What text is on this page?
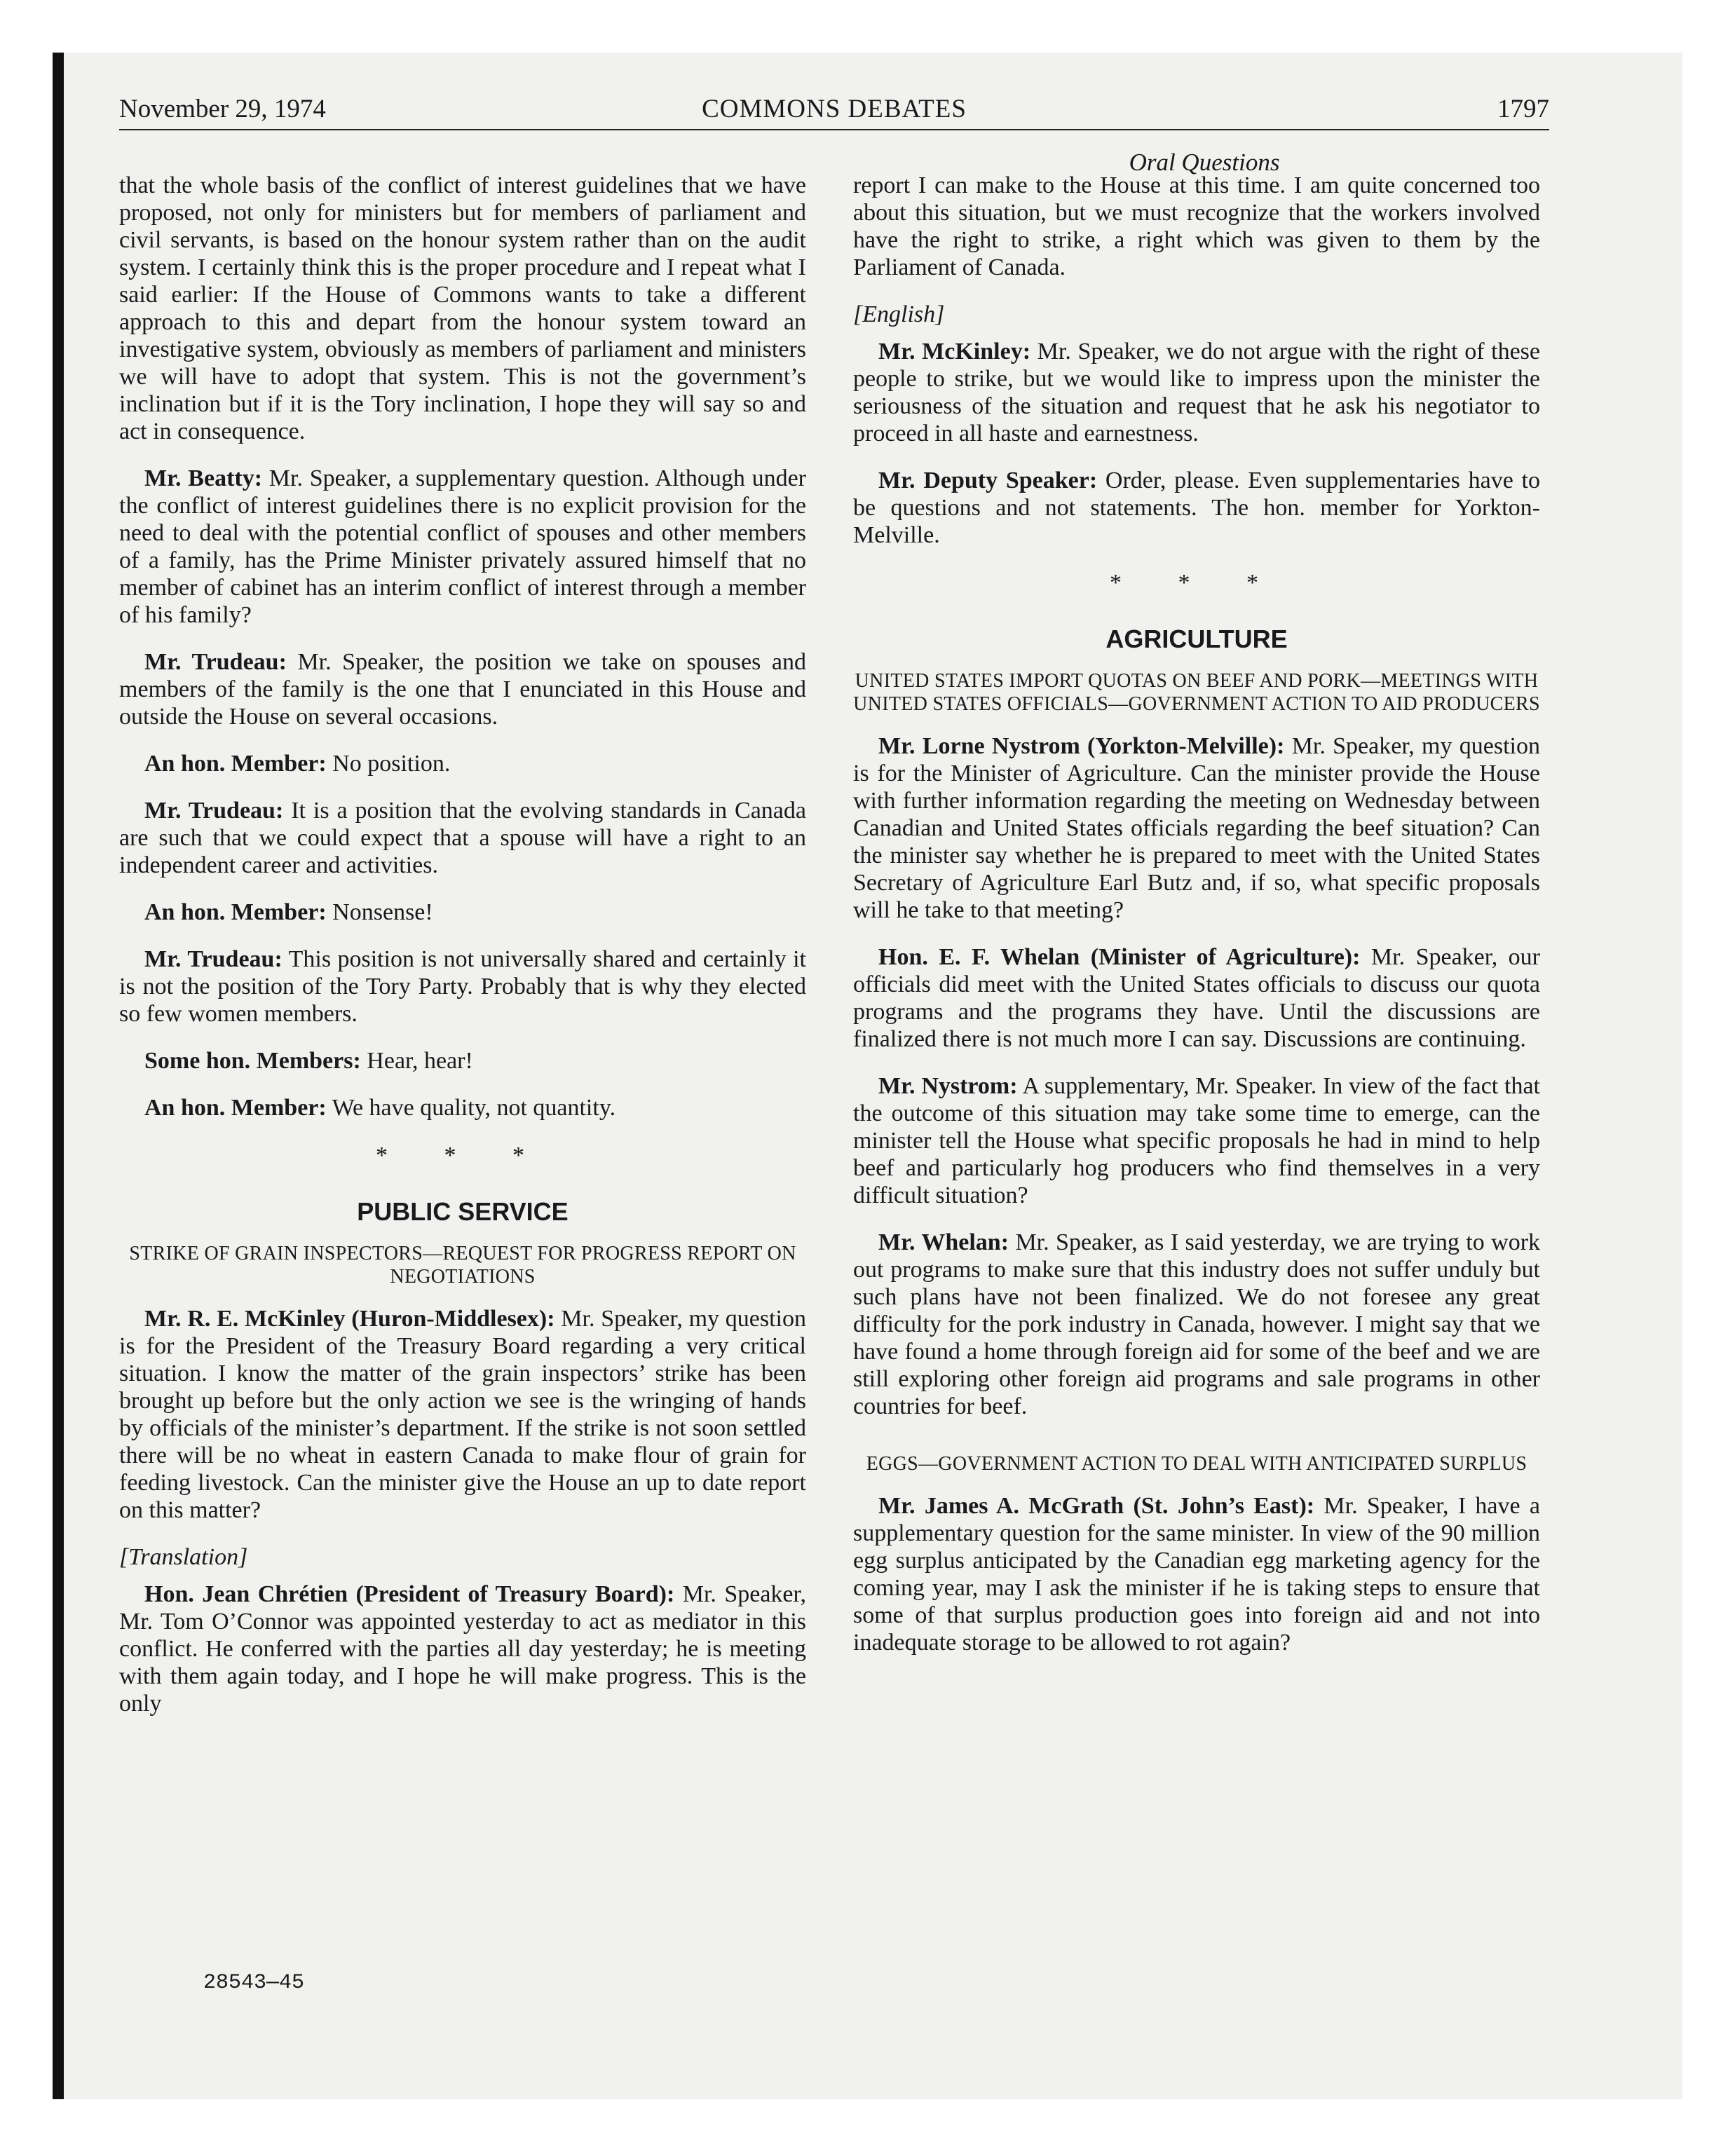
November 29, 1974	COMMONS DEBATES	1797
Oral Questions

that the whole basis of the conflict of interest guidelines that we have proposed, not only for ministers but for members of parliament and civil servants, is based on the honour system rather than on the audit system. I certainly think this is the proper procedure and I repeat what I said earlier: If the House of Commons wants to take a different approach to this and depart from the honour system toward an investigative system, obviously as members of parliament and ministers we will have to adopt that system. This is not the government’s inclination but if it is the Tory inclination, I hope they will say so and act in consequence.

Mr. Beatty: Mr. Speaker, a supplementary question. Although under the conflict of interest guidelines there is no explicit provision for the need to deal with the potential conflict of spouses and other members of a family, has the Prime Minister privately assured himself that no member of cabinet has an interim conflict of interest through a member of his family?

Mr. Trudeau: Mr. Speaker, the position we take on spouses and members of the family is the one that I enunciated in this House and outside the House on several occasions.

An hon. Member: No position.

Mr. Trudeau: It is a position that the evolving standards in Canada are such that we could expect that a spouse will have a right to an independent career and activities.

An hon. Member: Nonsense!

Mr. Trudeau: This position is not universally shared and certainly it is not the position of the Tory Party. Probably that is why they elected so few women members.

Some hon. Members: Hear, hear!

An hon. Member: We have quality, not quantity.

* * *
PUBLIC SERVICE
STRIKE OF GRAIN INSPECTORS—REQUEST FOR PROGRESS REPORT ON NEGOTIATIONS

Mr. R. E. McKinley (Huron-Middlesex): Mr. Speaker, my question is for the President of the Treasury Board regarding a very critical situation. I know the matter of the grain inspectors’ strike has been brought up before but the only action we see is the wringing of hands by officials of the minister’s department. If the strike is not soon settled there will be no wheat in eastern Canada to make flour of grain for feeding livestock. Can the minister give the House an up to date report on this matter?

[Translation]

Hon. Jean Chrétien (President of Treasury Board): Mr. Speaker, Mr. Tom O’Connor was appointed yesterday to act as mediator in this conflict. He conferred with the parties all day yesterday; he is meeting with them again today, and I hope he will make progress. This is the only

report I can make to the House at this time. I am quite concerned too about this situation, but we must recognize that the workers involved have the right to strike, a right which was given to them by the Parliament of Canada.

[English]

Mr. McKinley: Mr. Speaker, we do not argue with the right of these people to strike, but we would like to impress upon the minister the seriousness of the situation and request that he ask his negotiator to proceed in all haste and earnestness.

Mr. Deputy Speaker: Order, please. Even supplementaries have to be questions and not statements. The hon. member for Yorkton-Melville.

* * *
AGRICULTURE
UNITED STATES IMPORT QUOTAS ON BEEF AND PORK—MEETINGS WITH UNITED STATES OFFICIALS—GOVERNMENT ACTION TO AID PRODUCERS

Mr. Lorne Nystrom (Yorkton-Melville): Mr. Speaker, my question is for the Minister of Agriculture. Can the minister provide the House with further information regarding the meeting on Wednesday between Canadian and United States officials regarding the beef situation? Can the minister say whether he is prepared to meet with the United States Secretary of Agriculture Earl Butz and, if so, what specific proposals will he take to that meeting?

Hon. E. F. Whelan (Minister of Agriculture): Mr. Speaker, our officials did meet with the United States officials to discuss our quota programs and the programs they have. Until the discussions are finalized there is not much more I can say. Discussions are continuing.

Mr. Nystrom: A supplementary, Mr. Speaker. In view of the fact that the outcome of this situation may take some time to emerge, can the minister tell the House what specific proposals he had in mind to help beef and particularly hog producers who find themselves in a very difficult situation?

Mr. Whelan: Mr. Speaker, as I said yesterday, we are trying to work out programs to make sure that this industry does not suffer unduly but such plans have not been finalized. We do not foresee any great difficulty for the pork industry in Canada, however. I might say that we have found a home through foreign aid for some of the beef and we are still exploring other foreign aid programs and sale programs in other countries for beef.

EGGS—GOVERNMENT ACTION TO DEAL WITH ANTICIPATED SURPLUS

Mr. James A. McGrath (St. John’s East): Mr. Speaker, I have a supplementary question for the same minister. In view of the 90 million egg surplus anticipated by the Canadian egg marketing agency for the coming year, may I ask the minister if he is taking steps to ensure that some of that surplus production goes into foreign aid and not into inadequate storage to be allowed to rot again?

28543—45
